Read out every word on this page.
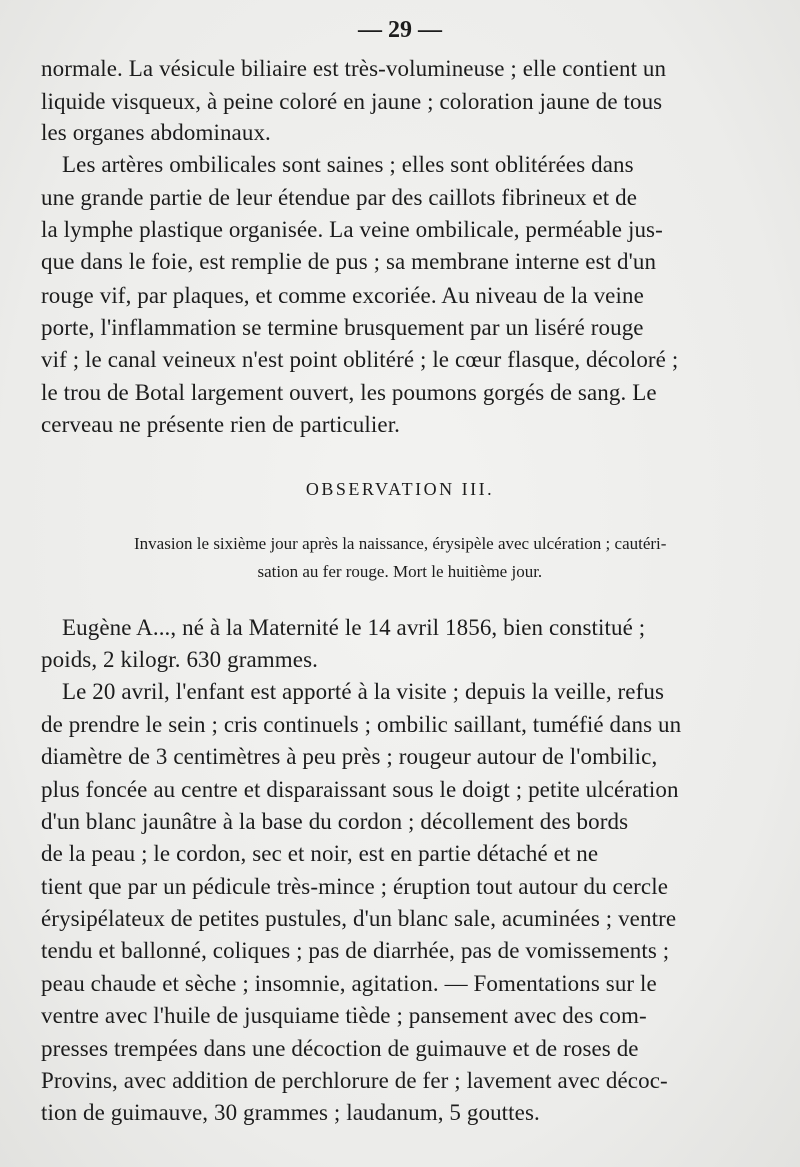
— 29 —
normale. La vésicule biliaire est très-volumineuse ; elle contient un
liquide visqueux, à peine coloré en jaune ; coloration jaune de tous
les organes abdominaux.
Les artères ombilicales sont saines ; elles sont oblitérées dans
une grande partie de leur étendue par des caillots fibrineux et de
la lymphe plastique organisée. La veine ombilicale, perméable jus-
que dans le foie, est remplie de pus ; sa membrane interne est d'un
rouge vif, par plaques, et comme excoriée. Au niveau de la veine
porte, l'inflammation se termine brusquement par un liséré rouge
vif ; le canal veineux n'est point oblitéré ; le cœur flasque, décoloré ;
le trou de Botal largement ouvert, les poumons gorgés de sang. Le
cerveau ne présente rien de particulier.
OBSERVATION III.
Invasion le sixième jour après la naissance, érysipèle avec ulcération ; cautéri-
sation au fer rouge. Mort le huitième jour.
Eugène A..., né à la Maternité le 14 avril 1856, bien constitué ;
poids, 2 kilogr. 630 grammes.
Le 20 avril, l'enfant est apporté à la visite ; depuis la veille, refus
de prendre le sein ; cris continuels ; ombilic saillant, tuméfié dans un
diamètre de 3 centimètres à peu près ; rougeur autour de l'ombilic,
plus foncée au centre et disparaissant sous le doigt ; petite ulcération
d'un blanc jaunâtre à la base du cordon ; décollement des bords
de la peau ; le cordon, sec et noir, est en partie détaché et ne
tient que par un pédicule très-mince ; éruption tout autour du cercle
érysipélateux de petites pustules, d'un blanc sale, acuminées ; ventre
tendu et ballonné, coliques ; pas de diarrhée, pas de vomissements ;
peau chaude et sèche ; insomnie, agitation. — Fomentations sur le
ventre avec l'huile de jusquiame tiède ; pansement avec des com-
presses trempées dans une décoction de guimauve et de roses de
Provins, avec addition de perchlorure de fer ; lavement avec décoc-
tion de guimauve, 30 grammes ; laudanum, 5 gouttes.
